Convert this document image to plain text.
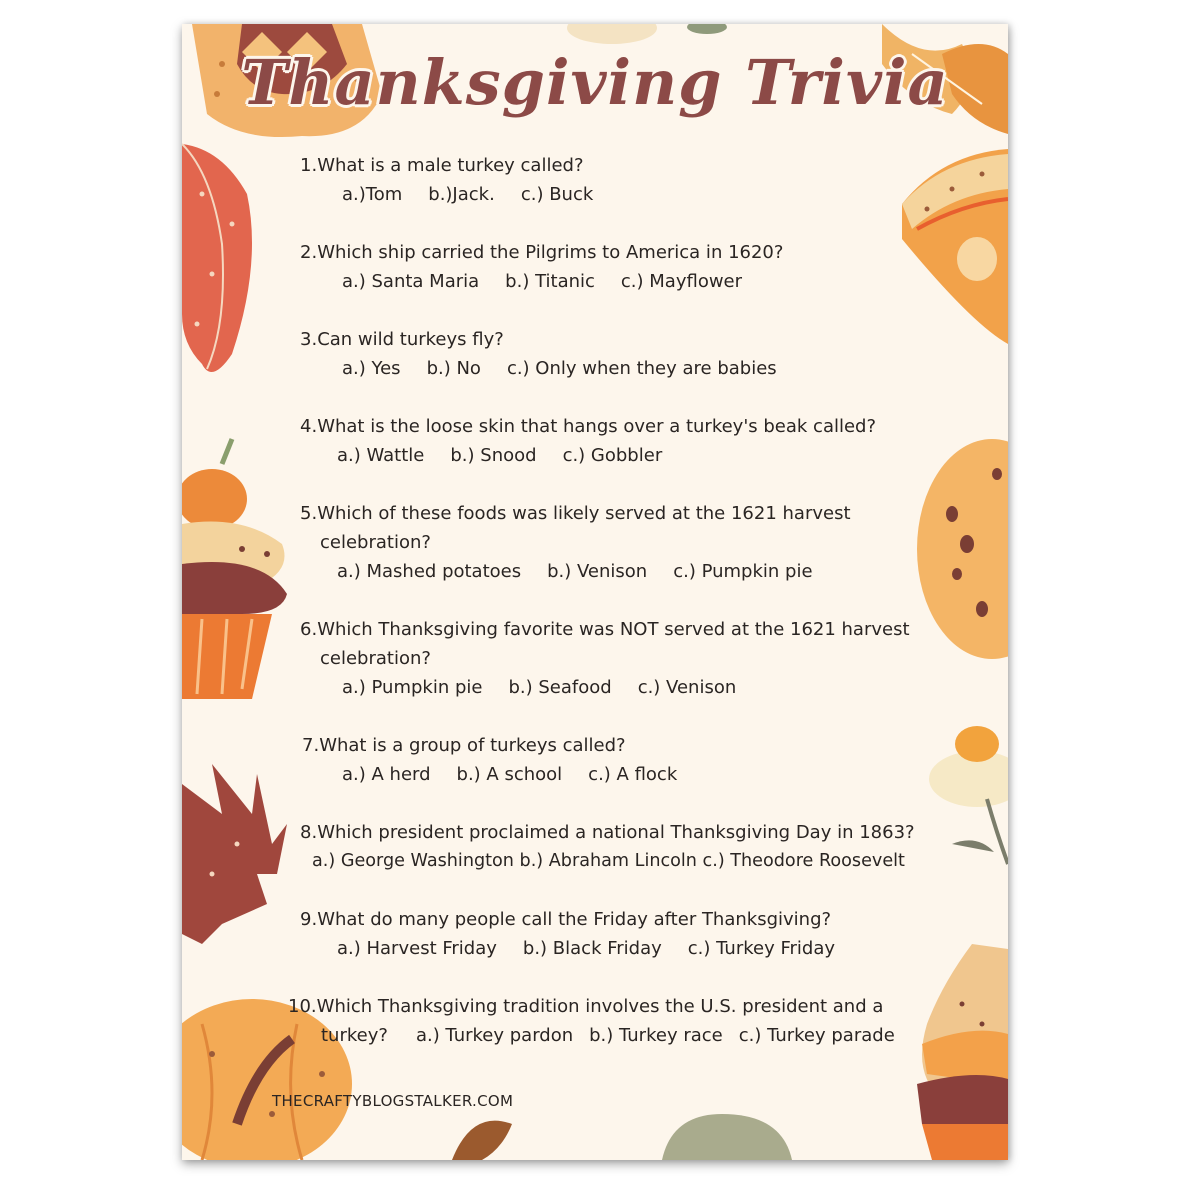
Thanksgiving Trivia
1.What is a male turkey called?
a.)Tom b.)Jack. c.) Buck
2.Which ship carried the Pilgrims to America in 1620?
a.) Santa Maria b.) Titanic c.) Mayflower
3.Can wild turkeys fly?
a.) Yes b.) No c.) Only when they are babies
4.What is the loose skin that hangs over a turkey's beak called?
a.) Wattle b.) Snood c.) Gobbler
5.Which of these foods was likely served at the 1621 harvest
celebration?
a.) Mashed potatoes b.) Venison c.) Pumpkin pie
6.Which Thanksgiving favorite was NOT served at the 1621 harvest
celebration?
a.) Pumpkin pie b.) Seafood c.) Venison
7.What is a group of turkeys called?
a.) A herd b.) A school c.) A flock
8.Which president proclaimed a national Thanksgiving Day in 1863?
a.) George Washington b.) Abraham Lincoln c.) Theodore Roosevelt
9.What do many people call the Friday after Thanksgiving?
a.) Harvest Friday b.) Black Friday c.) Turkey Friday
10.Which Thanksgiving tradition involves the U.S. president and a
turkey? a.) Turkey pardon b.) Turkey race c.) Turkey parade
THECRAFTYBLOGSTALKER.COM
